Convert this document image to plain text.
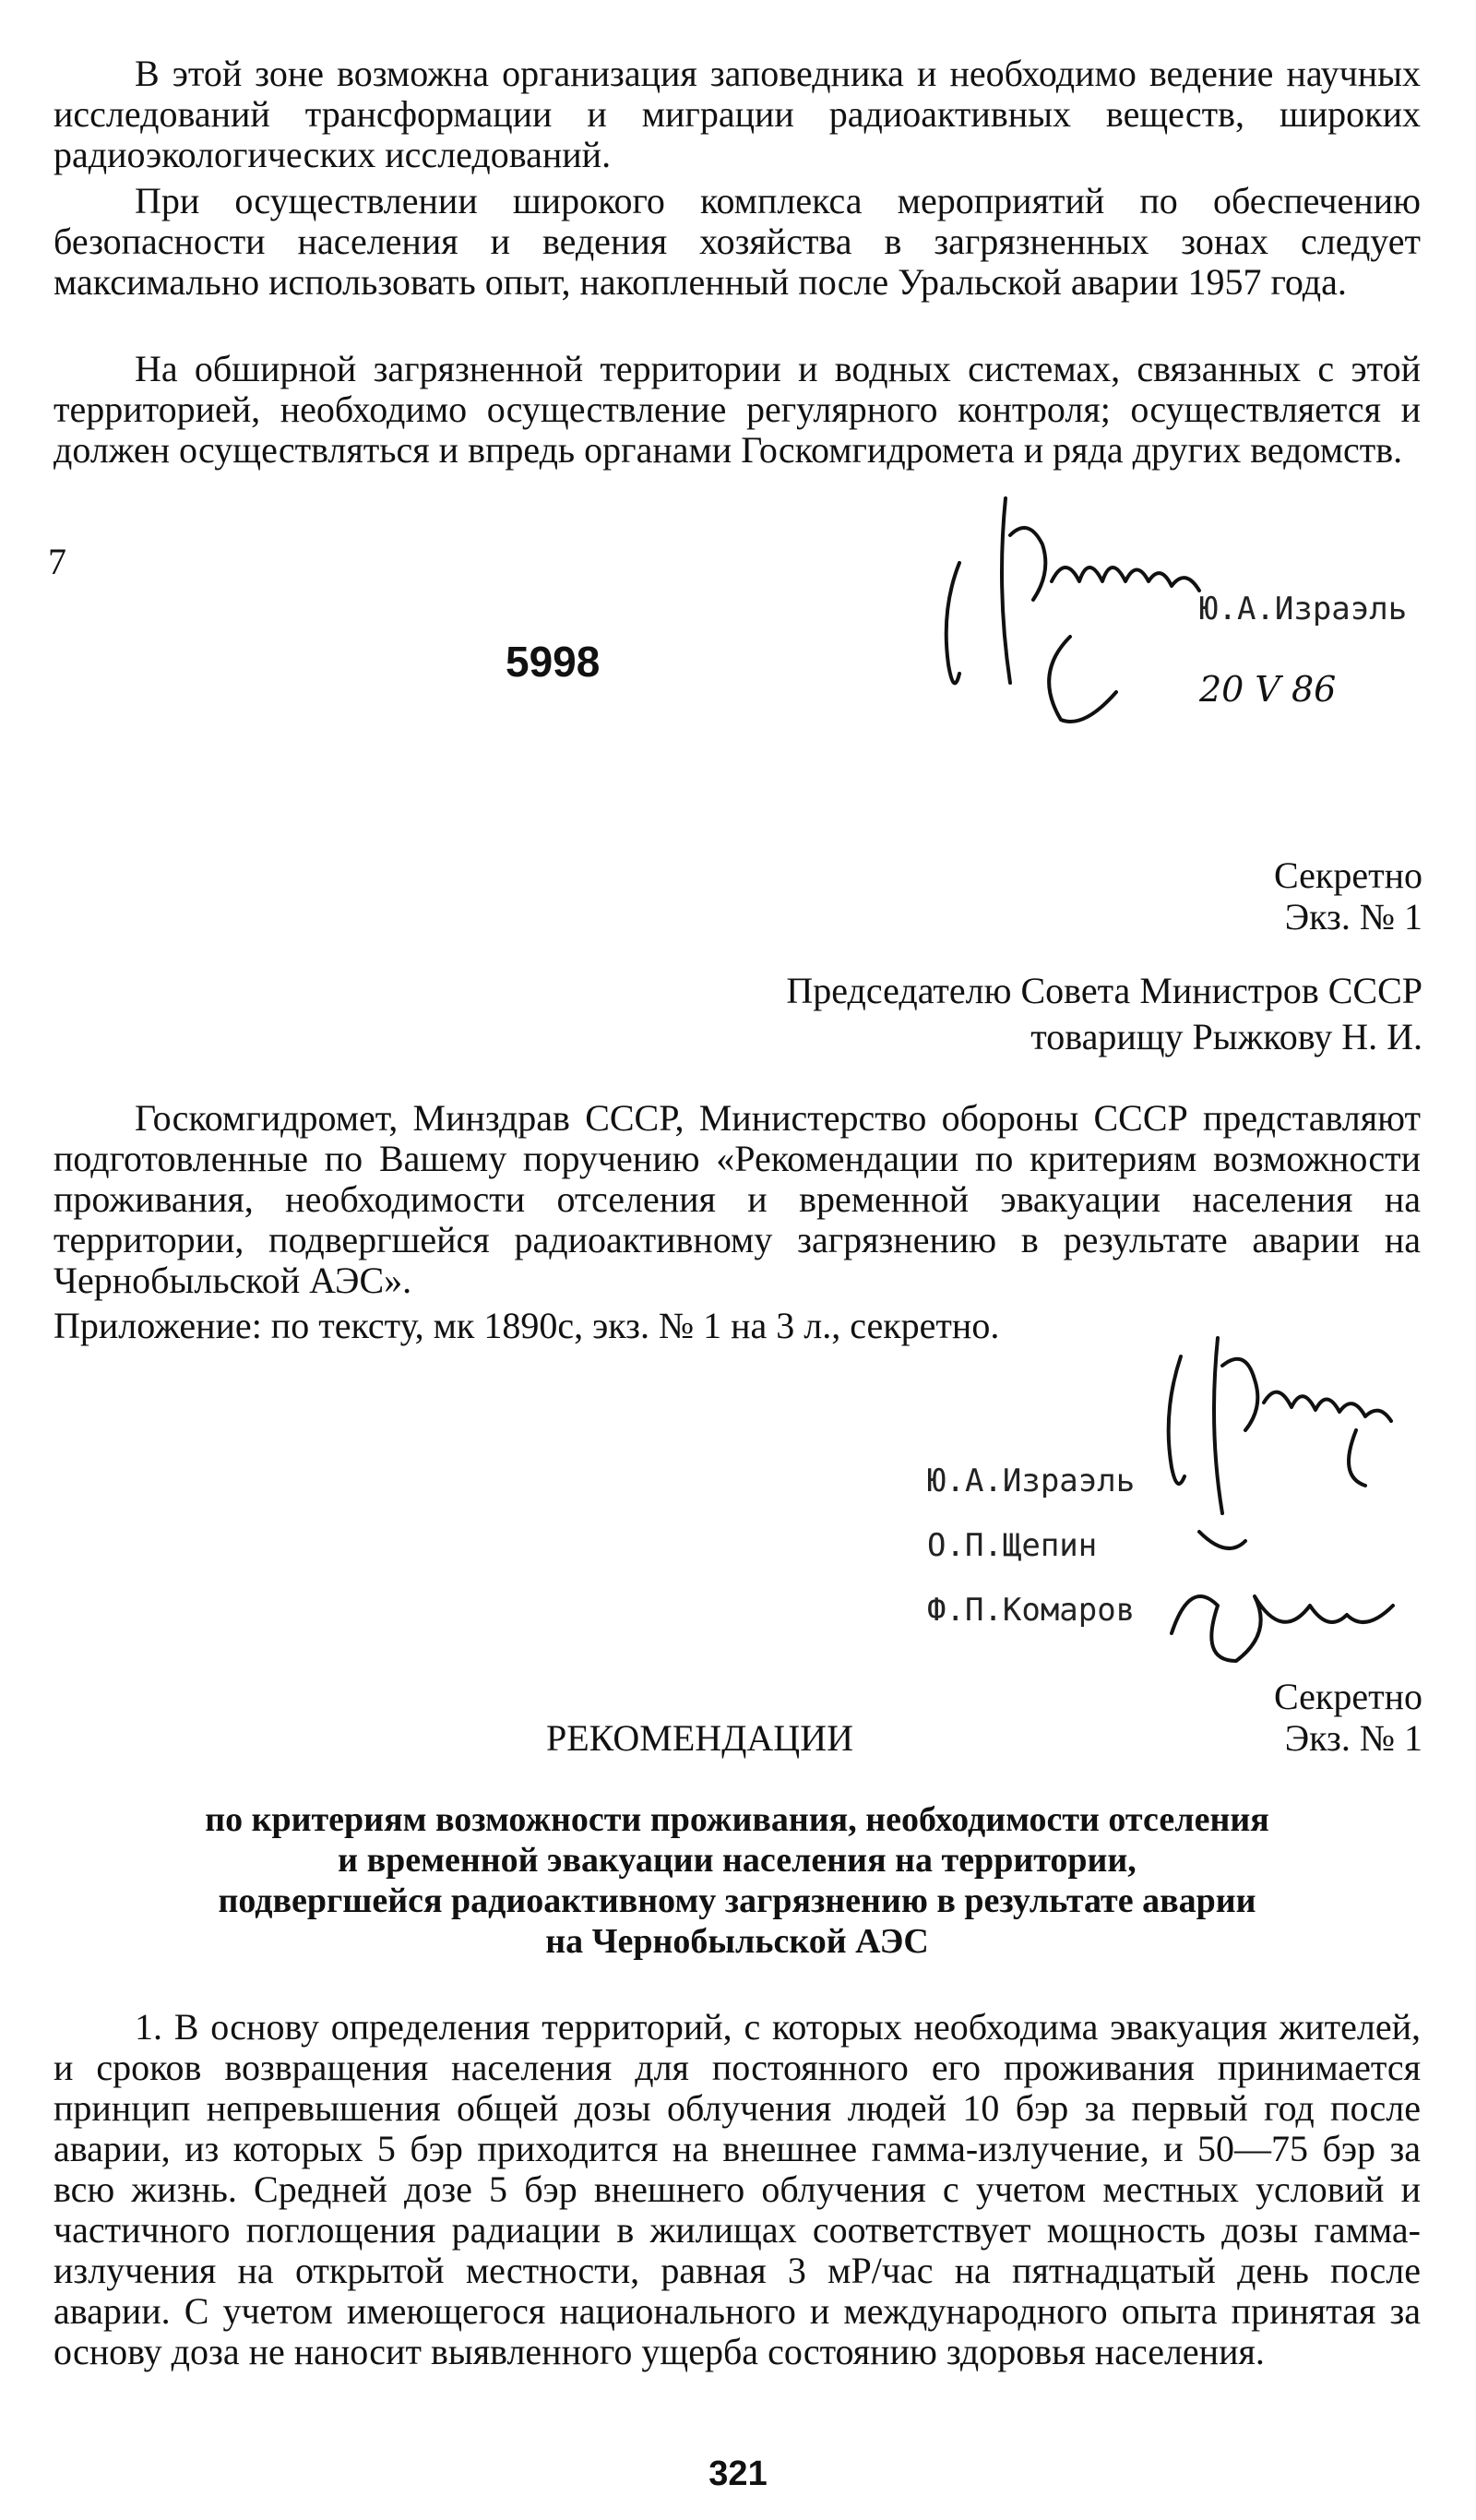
В этой зоне возможна организация заповедника и необходимо ведение научных исследований трансформации и миграции радиоактивных веществ, широких радиоэкологических исследований.

При осуществлении широкого комплекса мероприятий по обеспечению безопасности населения и ведения хозяйства в загрязненных зонах следует максимально использовать опыт, накопленный после Уральской аварии 1957 года.

На обширной загрязненной территории и водных системах, связанных с этой территорией, необходимо осуществление регулярного контроля; осуществляется и должен осуществляться и впредь органами Госкомгидромета и ряда других ведомств.

7
5998
Ю.А.Израэль
20 V 86
Секретно
Экз. № 1
Председателю Совета Министров СССР
товарищу Рыжкову Н. И.

Госкомгидромет, Минздрав СССР, Министерство обороны СССР представляют подготовленные по Вашему поручению «Рекомендации по критериям возможности проживания, необходимости отселения и временной эвакуации населения на территории, подвергшейся радиоактивному загрязнению в результате аварии на Чернобыльской АЭС».

Приложение: по тексту, мк 1890с, экз. № 1 на 3 л., секретно.

Ю.А.Израэль
О.П.Щепин
Ф.П.Комаров
Секретно
РЕКОМЕНДАЦИИ	Экз. № 1
по критериям возможности проживания, необходимости отселения
и временной эвакуации населения на территории,
подвергшейся радиоактивному загрязнению в результате аварии
на Чернобыльской АЭС

1. В основу определения территорий, с которых необходима эвакуация жителей, и сроков возвращения населения для постоянного его проживания принимается принцип непревышения общей дозы облучения людей 10 бэр за первый год после аварии, из которых 5 бэр приходится на внешнее гамма-излучение, и 50—75 бэр за всю жизнь. Средней дозе 5 бэр внешнего облучения с учетом местных условий и частичного поглощения радиации в жилищах соответствует мощность дозы гамма-излучения на открытой местности, равная 3 мР/час на пятнадцатый день после аварии. С учетом имеющегося национального и международного опыта принятая за основу доза не наносит выявленного ущерба состоянию здоровья населения.

321
